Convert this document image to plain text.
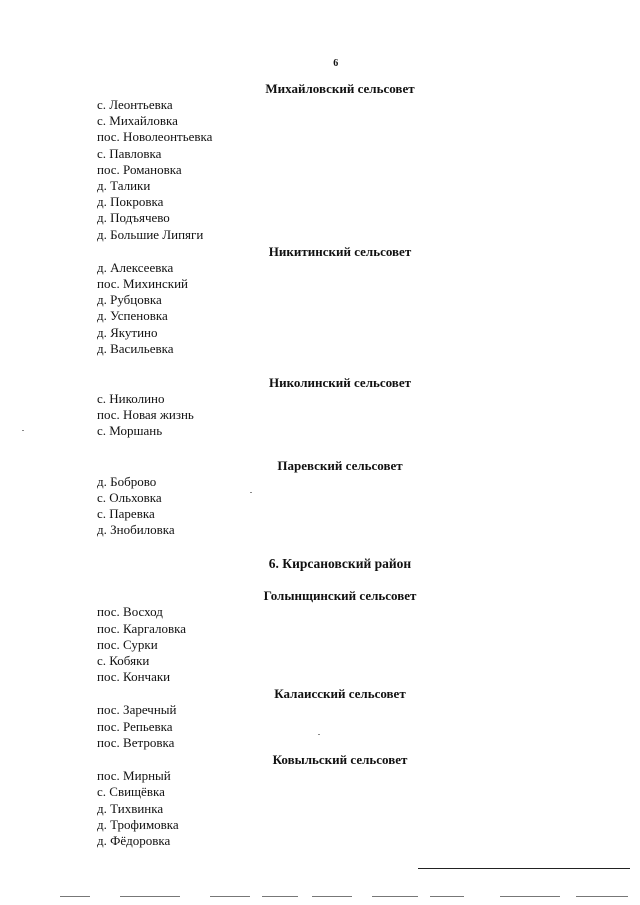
6
Михайловский сельсовет
с. Леонтьевка
с. Михайловка
пос. Новолеонтьевка
с. Павловка
пос. Романовка
д. Талики
д. Покровка
д. Подъячево
д. Большие Липяги
Никитинский сельсовет
д. Алексеевка
пос. Михинский
д. Рубцовка
д. Успеновка
д. Якутино
д. Васильевка
Николинский сельсовет
с. Николино
пос. Новая жизнь
с. Моршань
Паревский сельсовет
д. Боброво
с. Ольховка
с. Паревка
д. Знобиловка
6. Кирсановский район
Голынщинский сельсовет
пос. Восход
пос. Каргаловка
пос. Сурки
с. Кобяки
пос. Кончаки
Калаисский сельсовет
пос. Заречный
пос. Репьевка
пос. Ветровка
Ковыльский сельсовет
пос. Мирный
с. Свищёвка
д. Тихвинка
д. Трофимовка
д. Фёдоровка
